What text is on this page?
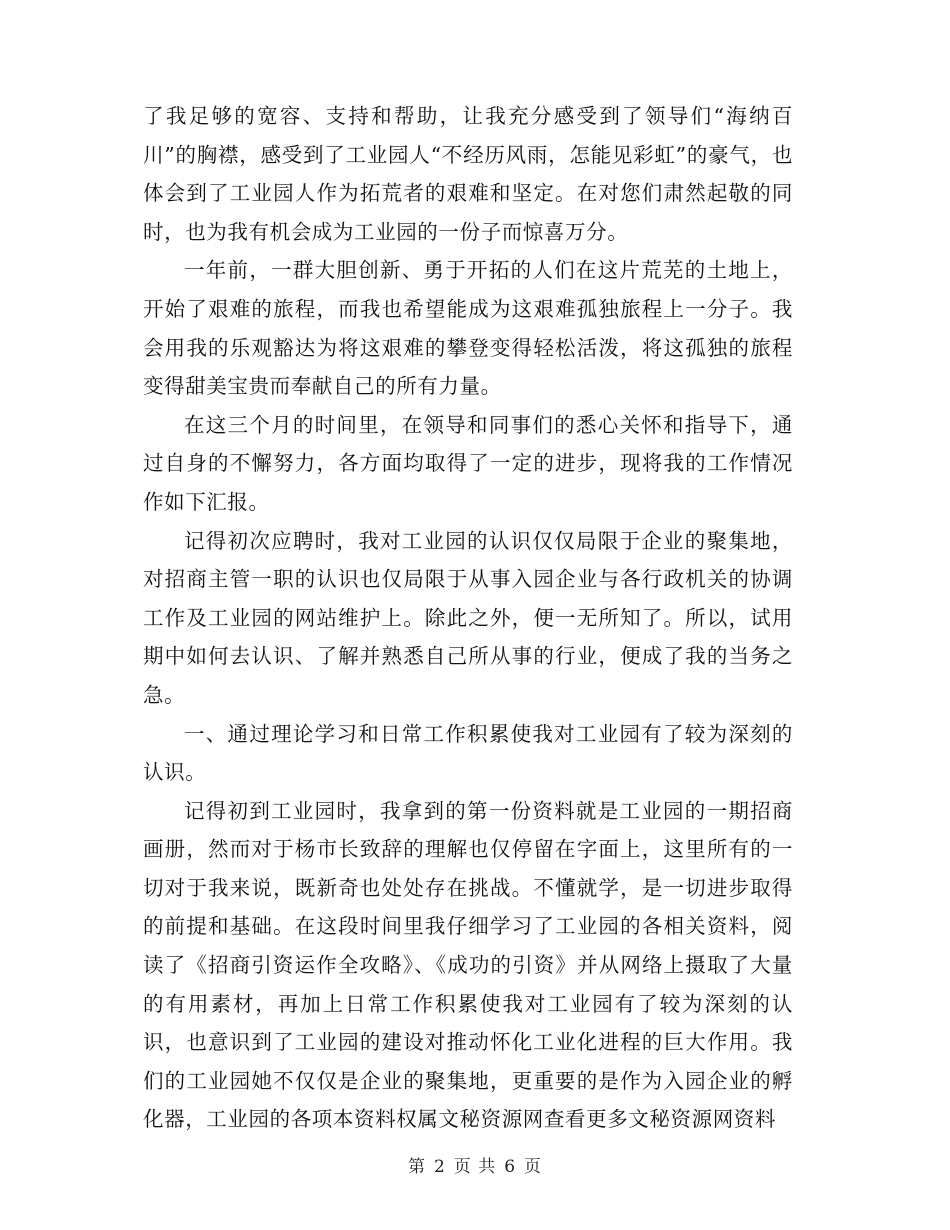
了我足够的宽容、支持和帮助，让我充分感受到了领导们“海纳百川”的胸襟，感受到了工业园人“不经历风雨，怎能见彩虹”的豪气，也体会到了工业园人作为拓荒者的艰难和坚定。在对您们肃然起敬的同时，也为我有机会成为工业园的一份子而惊喜万分。

一年前，一群大胆创新、勇于开拓的人们在这片荒芜的土地上，开始了艰难的旅程，而我也希望能成为这艰难孤独旅程上一分子。我会用我的乐观豁达为将这艰难的攀登变得轻松活泼，将这孤独的旅程变得甜美宝贵而奉献自己的所有力量。

在这三个月的时间里，在领导和同事们的悉心关怀和指导下，通过自身的不懈努力，各方面均取得了一定的进步，现将我的工作情况作如下汇报。

记得初次应聘时，我对工业园的认识仅仅局限于企业的聚集地，对招商主管一职的认识也仅局限于从事入园企业与各行政机关的协调工作及工业园的网站维护上。除此之外，便一无所知了。所以，试用期中如何去认识、了解并熟悉自己所从事的行业，便成了我的当务之急。

一、通过理论学习和日常工作积累使我对工业园有了较为深刻的认识。

记得初到工业园时，我拿到的第一份资料就是工业园的一期招商画册，然而对于杨市长致辞的理解也仅停留在字面上，这里所有的一切对于我来说，既新奇也处处存在挑战。不懂就学，是一切进步取得的前提和基础。在这段时间里我仔细学习了工业园的各相关资料，阅读了《招商引资运作全攻略》、《成功的引资》并从网络上摄取了大量的有用素材，再加上日常工作积累使我对工业园有了较为深刻的认识，也意识到了工业园的建设对推动怀化工业化进程的巨大作用。我们的工业园她不仅仅是企业的聚集地，更重要的是作为入园企业的孵化器，工业园的各项本资料权属文秘资源网查看更多文秘资源网资料

第 2 页 共 6 页
